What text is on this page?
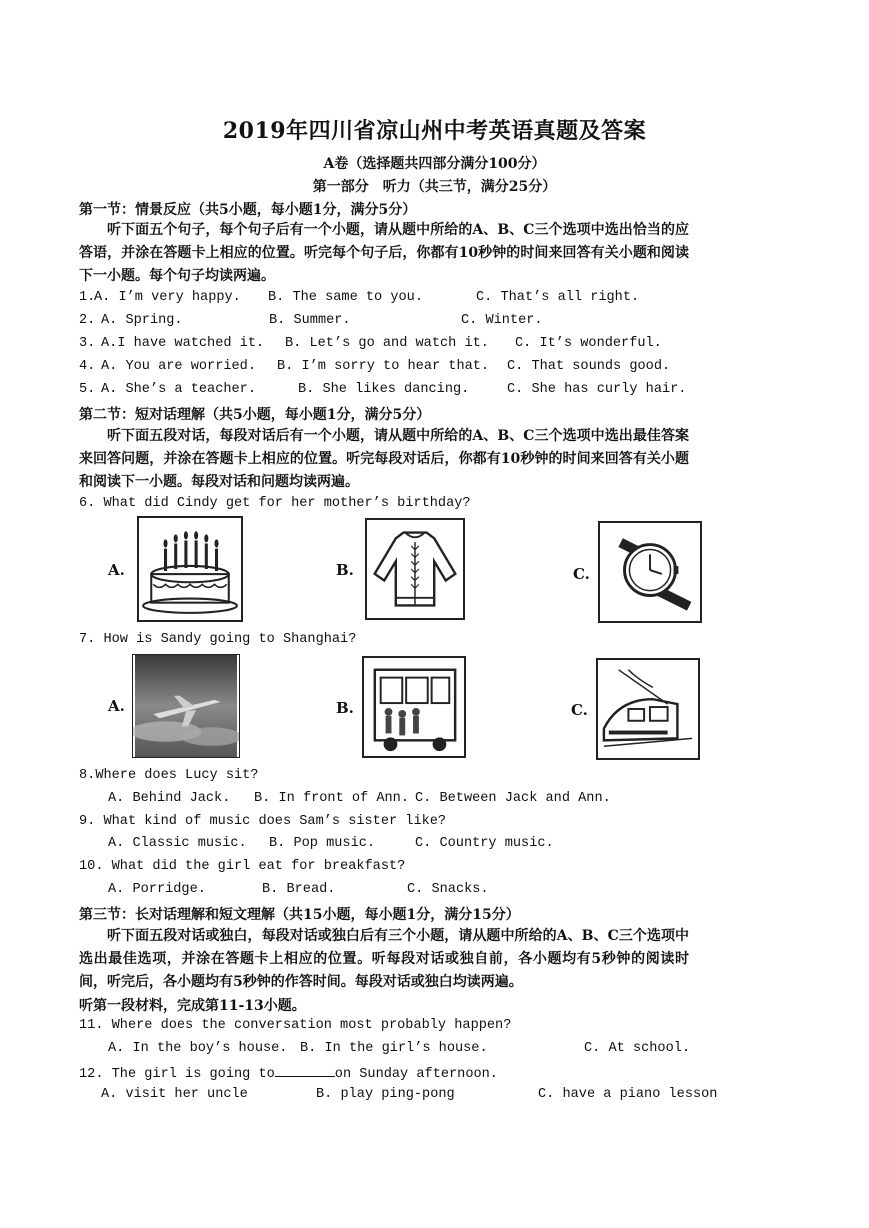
2019年四川省凉山州中考英语真题及答案
A卷（选择题共四部分满分100分）
第一部分　听力（共三节，满分25分）
第一节：情景反应（共5小题，每小题1分，满分5分）
听下面五个句子，每个句子后有一个小题，请从题中所给的A、B、C三个选项中选出恰当的应答语，并涂在答题卡上相应的位置。听完每个句子后，你都有10秒钟的时间来回答有关小题和阅读下一小题。每个句子均读两遍。
1.
A. I’m very happy. B. The same to you.	C. That’s all right.
2. A. Spring.	B. Summer.	C. Winter.
3. A.I have watched it. B. Let’s go and watch it. C. It’s wonderful.
4. A. You are worried. B. I’m sorry to hear that. C. That sounds good.
5. A. She’s a teacher.	B. She likes dancing.	C. She has curly hair.
第二节：短对话理解（共5小题，每小题1分，满分5分）
听下面五段对话，每段对话后有一个小题，请从题中所给的A、B、C三个选项中选出最佳答案来回答问题，并涂在答题卡上相应的位置。听完每段对话后，你都有10秒钟的时间来回答有关小题和阅读下一小题。每段对话和问题均读两遍。
6. What did Cindy get for her mother’s birthday?
A.	B.	C.
7. How is Sandy going to Shanghai?
A.	B.	C.
8.Where does Lucy sit?
A. Behind Jack. B. In front of Ann. C. Between Jack and Ann.
9. What kind of music does Sam’s sister like?
A. Classic music. B. Pop music.	C. Country music.
10. What did the girl eat for breakfast?
A. Porridge.	B. Bread.	C. Snacks.
第三节：长对话理解和短文理解（共15小题，每小题1分，满分15分）
听下面五段对话或独白，每段对话或独白后有三个小题，请从题中所给的A、B、C三个选项中选出最佳选项，并涂在答题卡上相应的位置。听每段对话或独自前，各小题均有5秒钟的阅读时间，听完后，各小题均有5秒钟的作答时间。每段对话或独白均读两遍。
听第一段材料，完成第11-13小题。
11. Where does the conversation most probably happen?
A. In the boy’s house. B. In the girl’s house.	C. At school.
12. The girl is going to	on Sunday afternoon.
A. visit her uncle	B. play ping-pong	C. have a piano lesson
